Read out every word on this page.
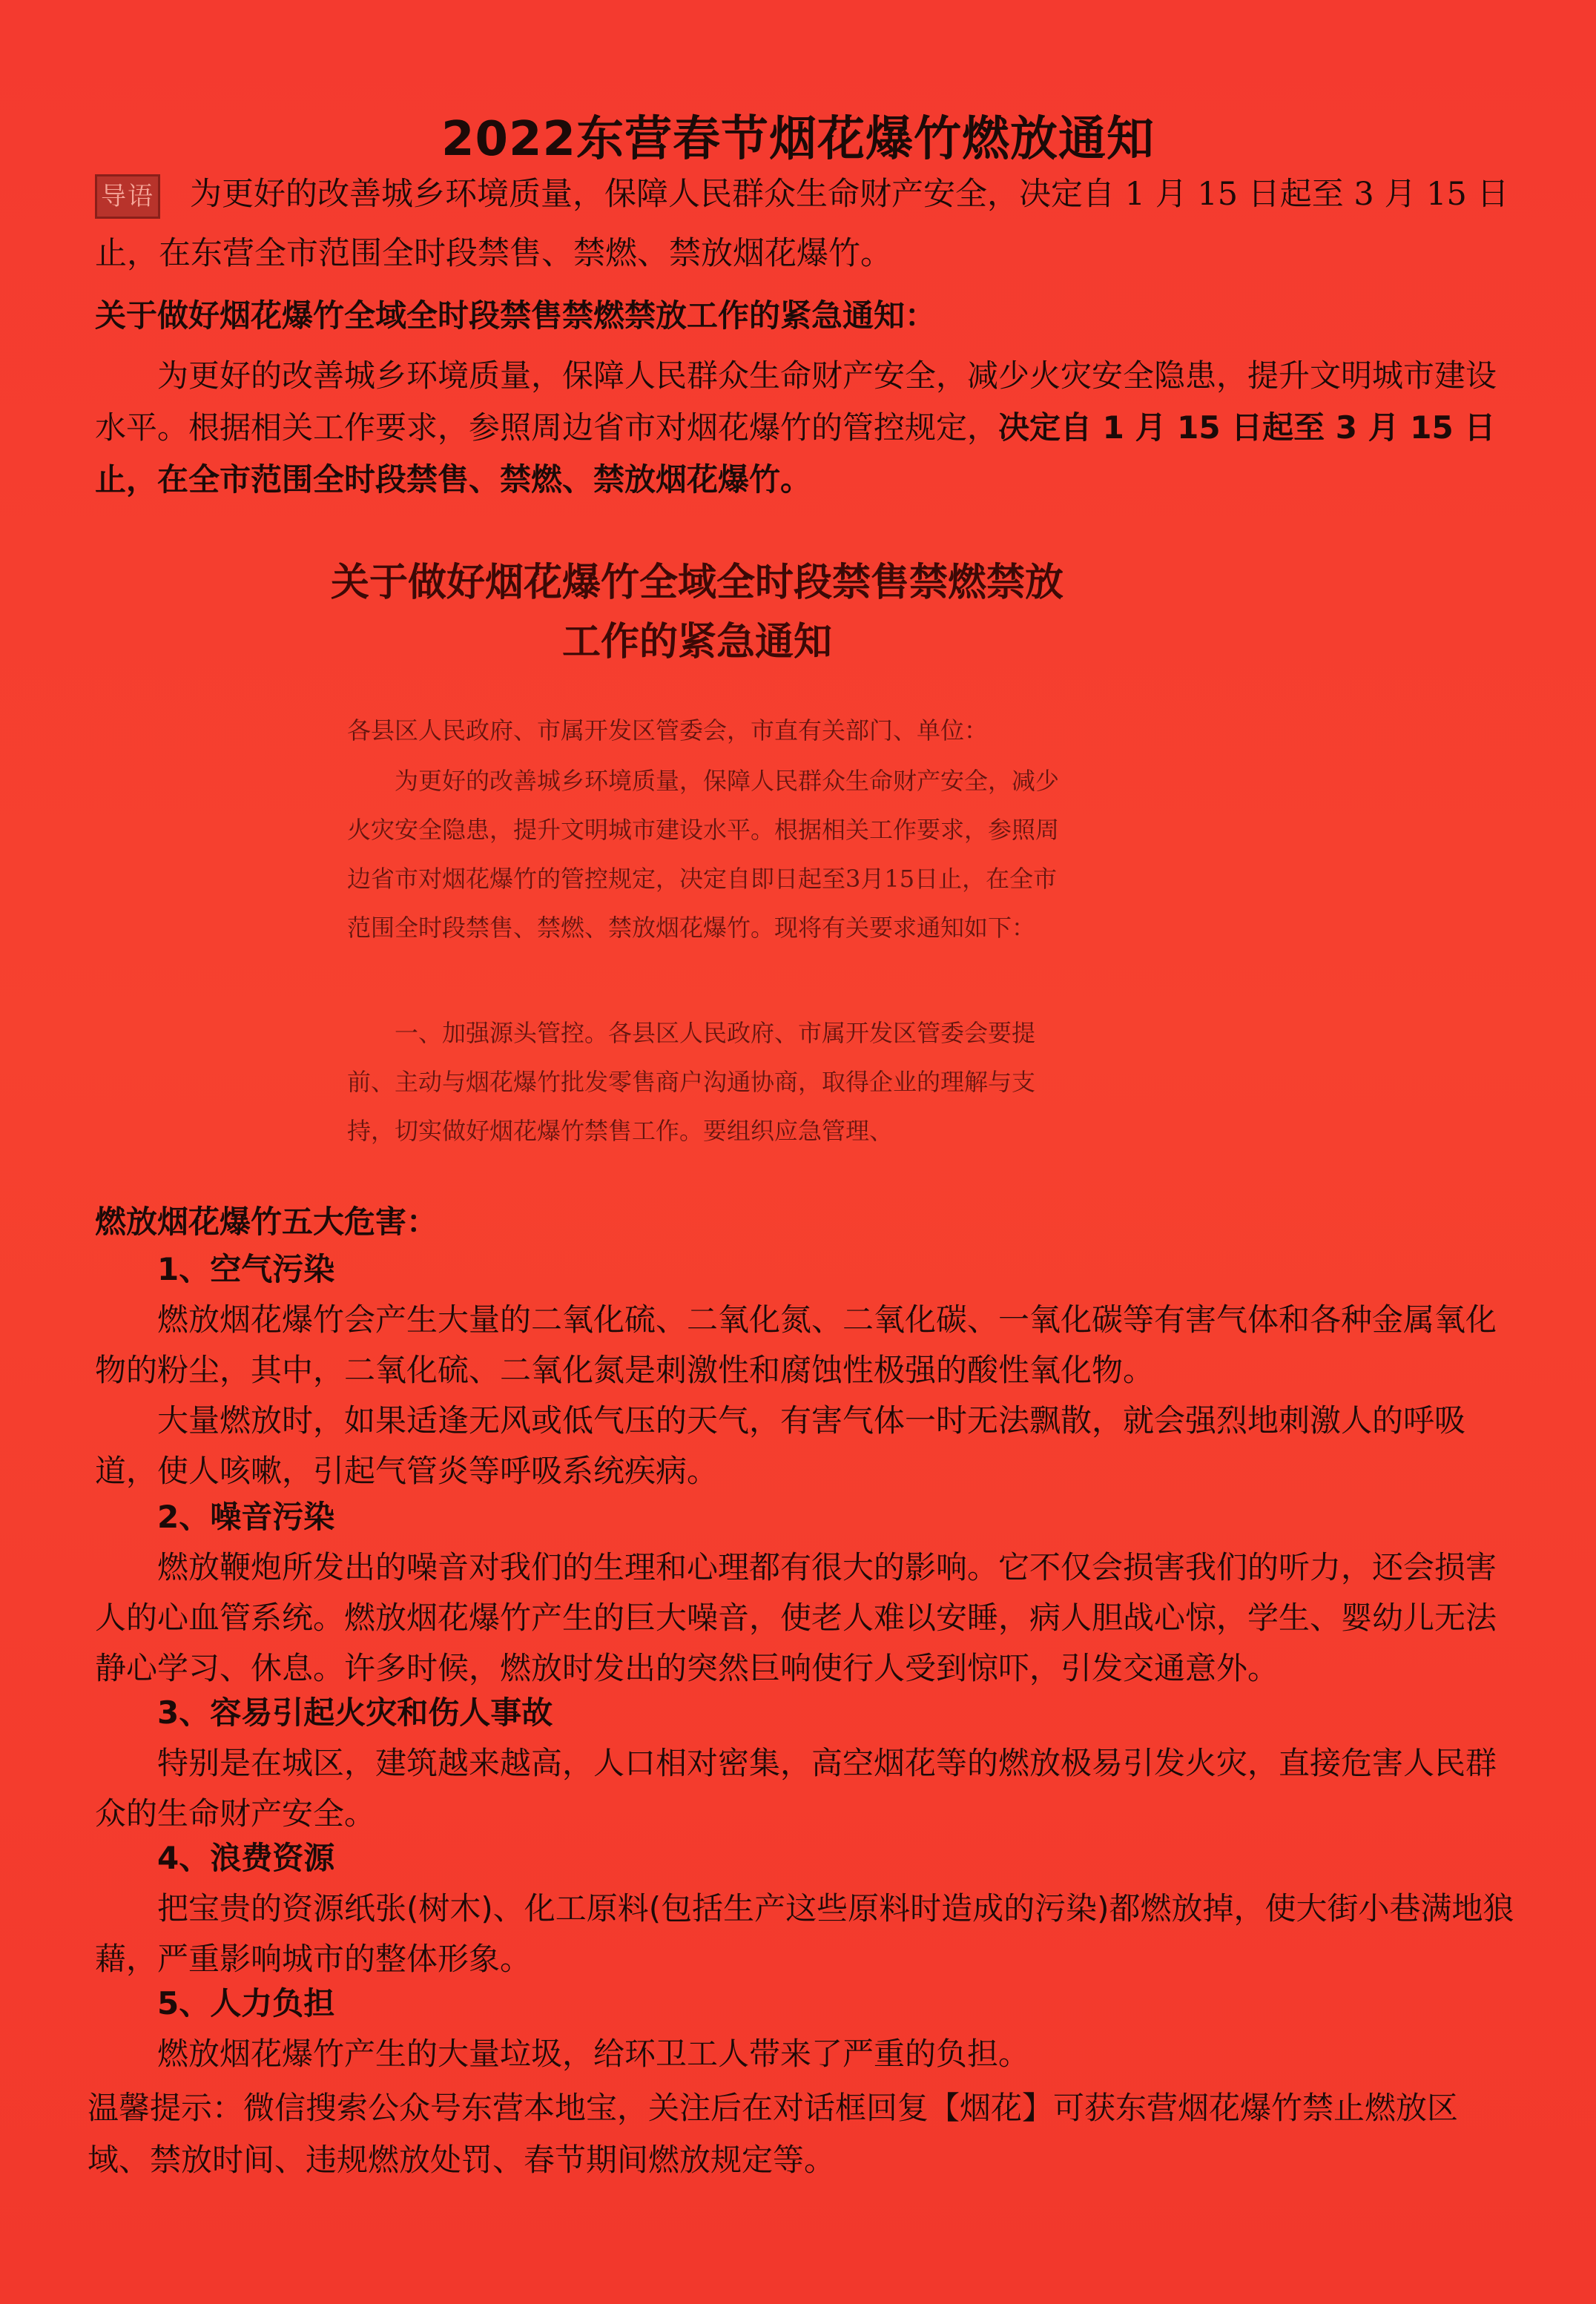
2022东营春节烟花爆竹燃放通知
导语 为更好的改善城乡环境质量，保障人民群众生命财产安全，决定自 1 月 15 日起至 3 月 15 日止，在东营全市范围全时段禁售、禁燃、禁放烟花爆竹。
关于做好烟花爆竹全域全时段禁售禁燃禁放工作的紧急通知：
为更好的改善城乡环境质量，保障人民群众生命财产安全，减少火灾安全隐患，提升文明城市建设水平。根据相关工作要求，参照周边省市对烟花爆竹的管控规定，决定自 1 月 15 日起至 3 月 15 日止，在全市范围全时段禁售、禁燃、禁放烟花爆竹。
关于做好烟花爆竹全域全时段禁售禁燃禁放
工作的紧急通知
各县区人民政府、市属开发区管委会，市直有关部门、单位：
为更好的改善城乡环境质量，保障人民群众生命财产安全，减少火灾安全隐患，提升文明城市建设水平。根据相关工作要求，参照周边省市对烟花爆竹的管控规定，决定自即日起至3月15日止，在全市范围全时段禁售、禁燃、禁放烟花爆竹。现将有关要求通知如下：
一、加强源头管控。各县区人民政府、市属开发区管委会要提前、主动与烟花爆竹批发零售商户沟通协商，取得企业的理解与支持，切实做好烟花爆竹禁售工作。要组织应急管理、
燃放烟花爆竹五大危害：
1、空气污染
燃放烟花爆竹会产生大量的二氧化硫、二氧化氮、二氧化碳、一氧化碳等有害气体和各种金属氧化物的粉尘，其中，二氧化硫、二氧化氮是刺激性和腐蚀性极强的酸性氧化物。
大量燃放时，如果适逢无风或低气压的天气，有害气体一时无法飘散，就会强烈地刺激人的呼吸道，使人咳嗽，引起气管炎等呼吸系统疾病。
2、噪音污染
燃放鞭炮所发出的噪音对我们的生理和心理都有很大的影响。它不仅会损害我们的听力，还会损害人的心血管系统。燃放烟花爆竹产生的巨大噪音，使老人难以安睡，病人胆战心惊，学生、婴幼儿无法静心学习、休息。许多时候，燃放时发出的突然巨响使行人受到惊吓，引发交通意外。
3、容易引起火灾和伤人事故
特别是在城区，建筑越来越高，人口相对密集，高空烟花等的燃放极易引发火灾，直接危害人民群众的生命财产安全。
4、浪费资源
把宝贵的资源纸张(树木)、化工原料(包括生产这些原料时造成的污染)都燃放掉，使大街小巷满地狼藉，严重影响城市的整体形象。
5、人力负担
燃放烟花爆竹产生的大量垃圾，给环卫工人带来了严重的负担。
温馨提示：微信搜索公众号东营本地宝，关注后在对话框回复【烟花】可获东营烟花爆竹禁止燃放区域、禁放时间、违规燃放处罚、春节期间燃放规定等。
